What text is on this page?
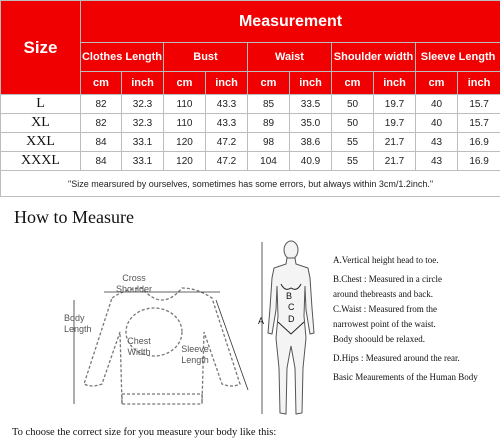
Size	Measurement									
	Clothes Length		Bust		Waist		Shoulder width		Sleeve Length	
	cm	inch	cm	inch	cm	inch	cm	inch	cm	inch
L	82	32.3	110	43.3	85	33.5	50	19.7	40	15.7
XL	82	32.3	110	43.3	89	35.0	50	19.7	40	15.7
XXL	84	33.1	120	47.2	98	38.6	55	21.7	43	16.9
XXXL	84	33.1	120	47.2	104	40.9	55	21.7	43	16.9
"Size mearsured by ourselves, sometimes has some errors, but always within 3cm/1.2inch."										
How to Measure
Cross
Shoulder
Body
Length
Chest
Width	Sleeve
Length
B
C
D
A
A.Vertical height head to toe.
B.Chest : Measured in a circle
around thebreasts and back.
C.Waist : Measured from the
narrowest point of the waist.
Body shoould be relaxed.
D.Hips : Measured around the rear.
Basic Meaurements of the Human Body
To choose the correct size for you measure your body like this:
